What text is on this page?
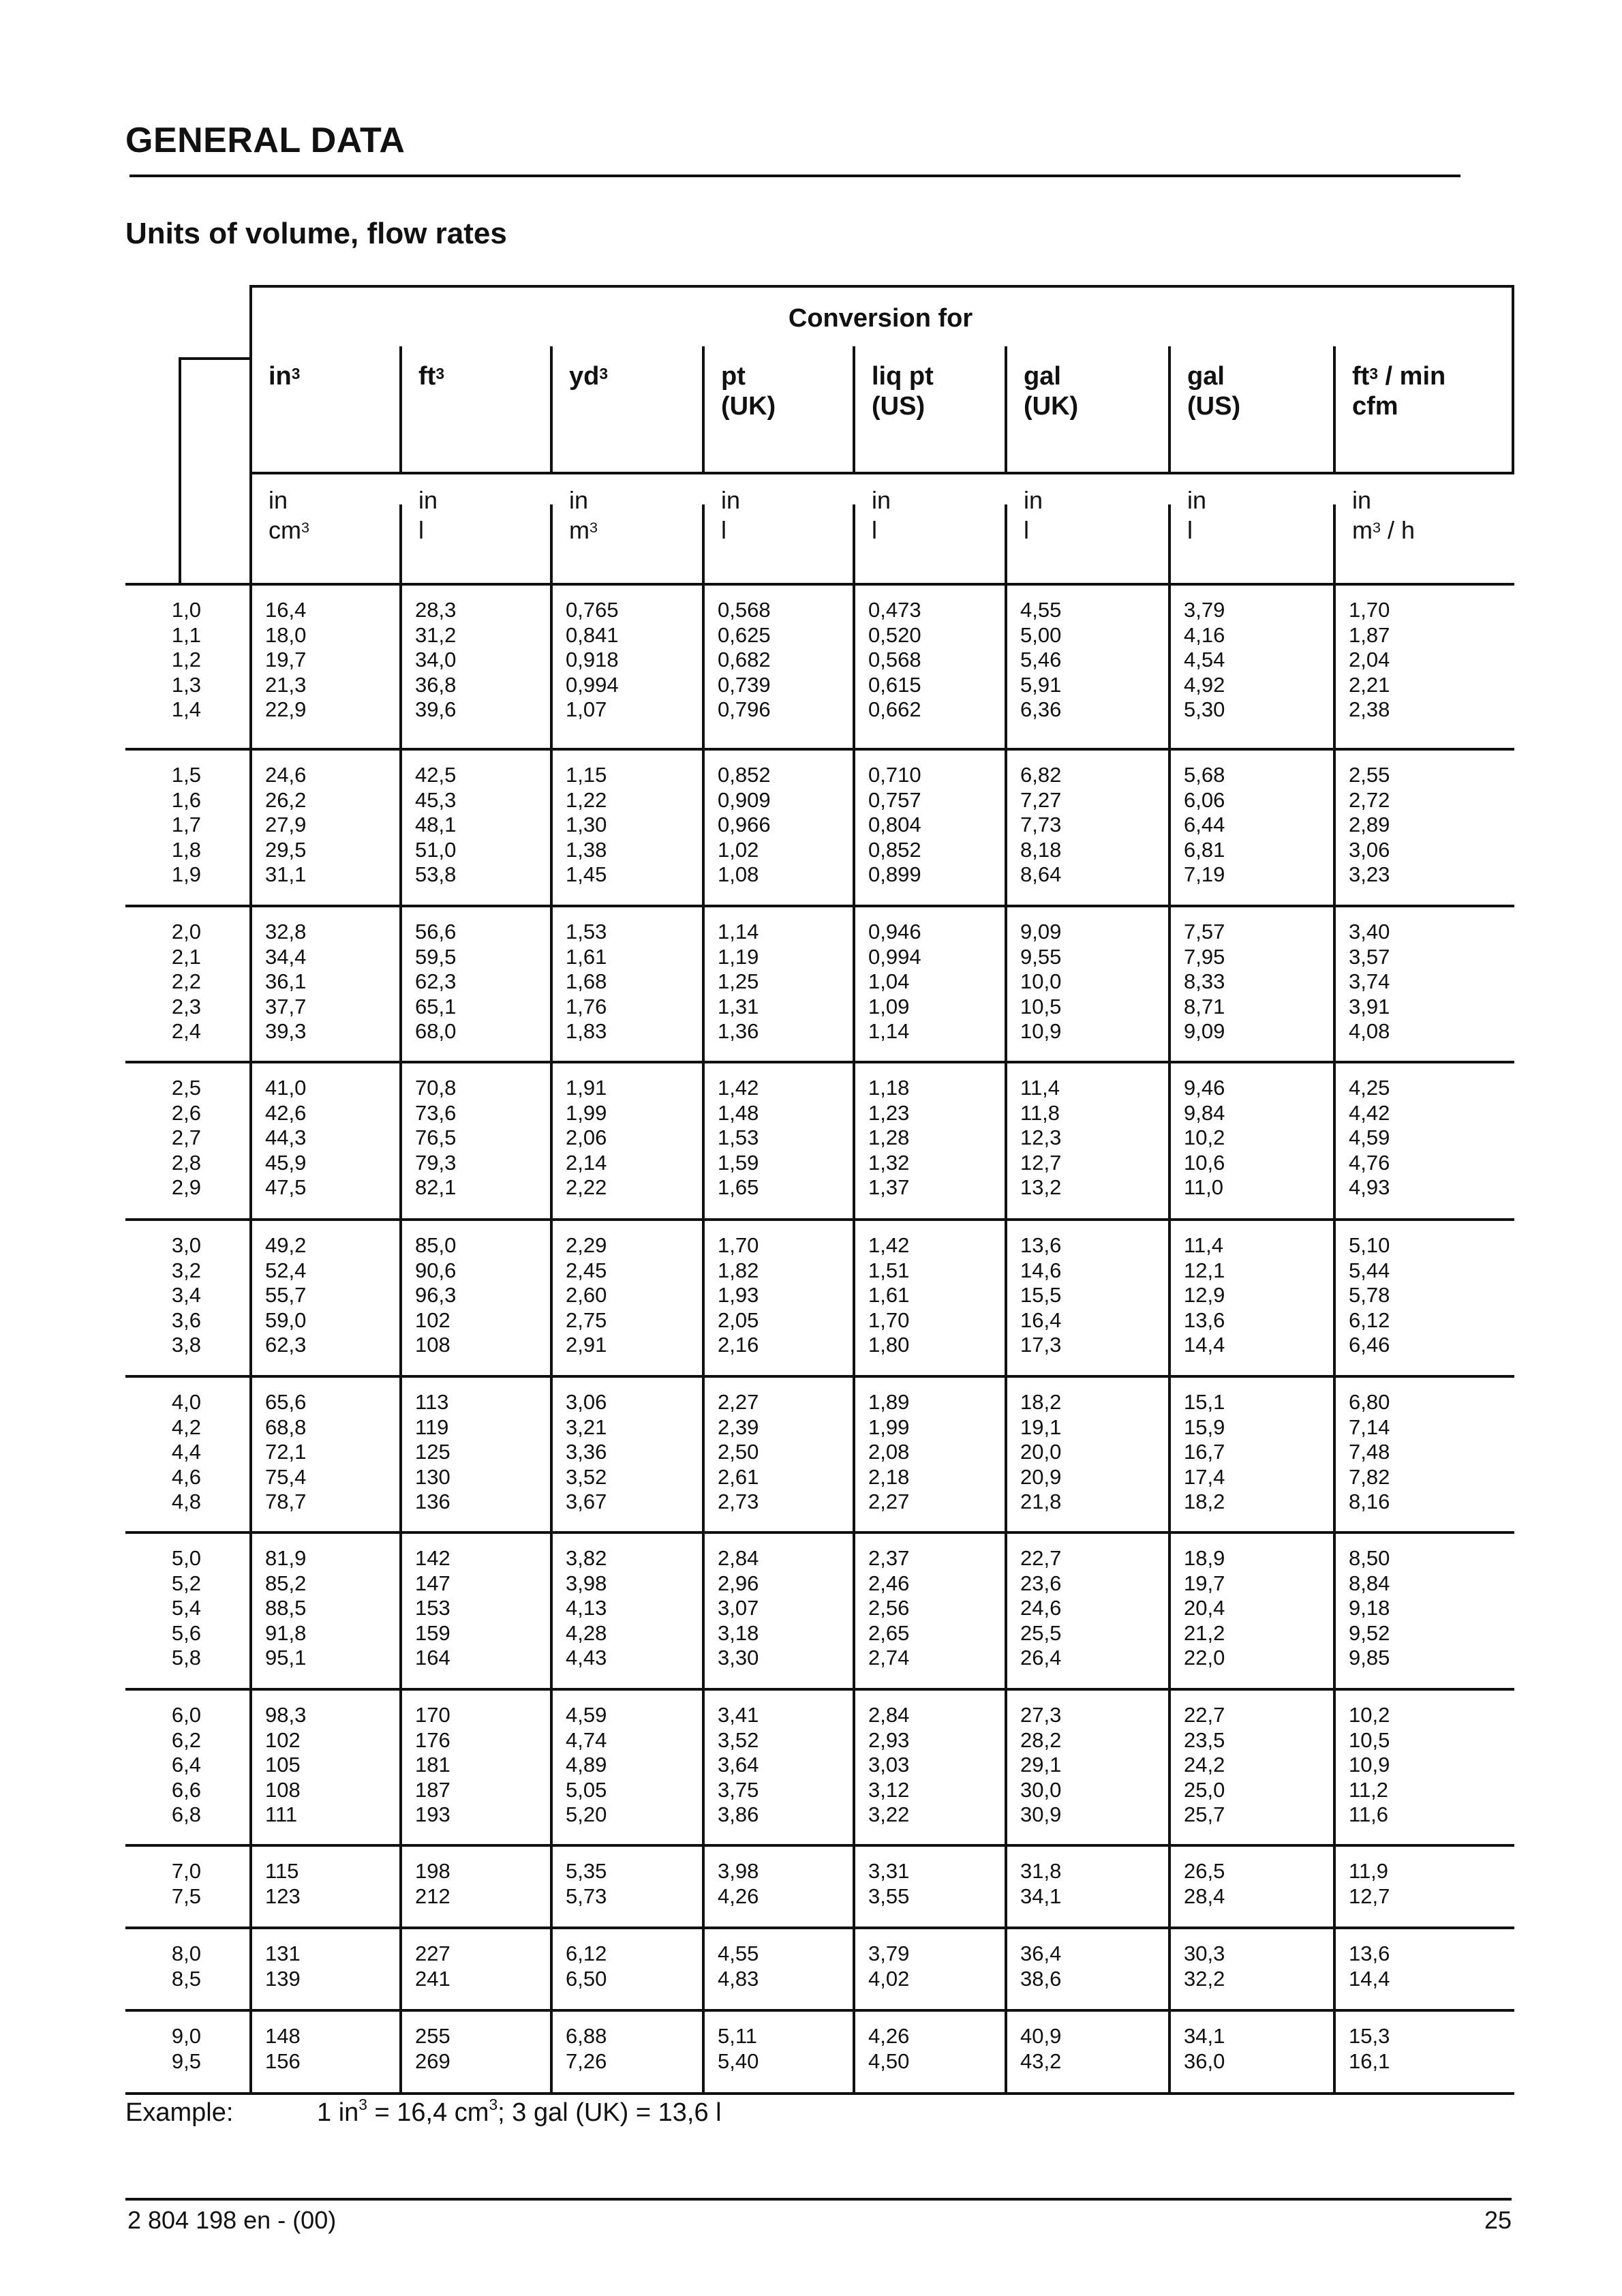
GENERAL DATA
Units of volume, flow rates
Conversion for
$in^3$

in
$cm^3$
$ft^3$

in
l
$yd^3$

in
$m^3$
pt
(UK)
in
l
liq pt
(US)
in
l
gal
(UK)
in
l
gal
(US)
in
l
$ft^3$ / min
cfm
in
$m^3$ / h
1,0
1,1
1,2
1,3
1,4
16,4
18,0
19,7
21,3
22,9
28,3
31,2
34,0
36,8
39,6
0,765
0,841
0,918
0,994
1,07
0,568
0,625
0,682
0,739
0,796
0,473
0,520
0,568
0,615
0,662
4,55
5,00
5,46
5,91
6,36
3,79
4,16
4,54
4,92
5,30
1,70
1,87
2,04
2,21
2,38
1,5
1,6
1,7
1,8
1,9
24,6
26,2
27,9
29,5
31,1
42,5
45,3
48,1
51,0
53,8
1,15
1,22
1,30
1,38
1,45
0,852
0,909
0,966
1,02
1,08
0,710
0,757
0,804
0,852
0,899
6,82
7,27
7,73
8,18
8,64
5,68
6,06
6,44
6,81
7,19
2,55
2,72
2,89
3,06
3,23
2,0
2,1
2,2
2,3
2,4
32,8
34,4
36,1
37,7
39,3
56,6
59,5
62,3
65,1
68,0
1,53
1,61
1,68
1,76
1,83
1,14
1,19
1,25
1,31
1,36
0,946
0,994
1,04
1,09
1,14
9,09
9,55
10,0
10,5
10,9
7,57
7,95
8,33
8,71
9,09
3,40
3,57
3,74
3,91
4,08
2,5
2,6
2,7
2,8
2,9
41,0
42,6
44,3
45,9
47,5
70,8
73,6
76,5
79,3
82,1
1,91
1,99
2,06
2,14
2,22
1,42
1,48
1,53
1,59
1,65
1,18
1,23
1,28
1,32
1,37
11,4
11,8
12,3
12,7
13,2
9,46
9,84
10,2
10,6
11,0
4,25
4,42
4,59
4,76
4,93
3,0
3,2
3,4
3,6
3,8
49,2
52,4
55,7
59,0
62,3
85,0
90,6
96,3
102
108
2,29
2,45
2,60
2,75
2,91
1,70
1,82
1,93
2,05
2,16
1,42
1,51
1,61
1,70
1,80
13,6
14,6
15,5
16,4
17,3
11,4
12,1
12,9
13,6
14,4
5,10
5,44
5,78
6,12
6,46
4,0
4,2
4,4
4,6
4,8
65,6
68,8
72,1
75,4
78,7
113
119
125
130
136
3,06
3,21
3,36
3,52
3,67
2,27
2,39
2,50
2,61
2,73
1,89
1,99
2,08
2,18
2,27
18,2
19,1
20,0
20,9
21,8
15,1
15,9
16,7
17,4
18,2
6,80
7,14
7,48
7,82
8,16
5,0
5,2
5,4
5,6
5,8
81,9
85,2
88,5
91,8
95,1
142
147
153
159
164
3,82
3,98
4,13
4,28
4,43
2,84
2,96
3,07
3,18
3,30
2,37
2,46
2,56
2,65
2,74
22,7
23,6
24,6
25,5
26,4
18,9
19,7
20,4
21,2
22,0
8,50
8,84
9,18
9,52
9,85
6,0
6,2
6,4
6,6
6,8
98,3
102
105
108
111
170
176
181
187
193
4,59
4,74
4,89
5,05
5,20
3,41
3,52
3,64
3,75
3,86
2,84
2,93
3,03
3,12
3,22
27,3
28,2
29,1
30,0
30,9
22,7
23,5
24,2
25,0
25,7
10,2
10,5
10,9
11,2
11,6
7,0
7,5
115
123
198
212
5,35
5,73
3,98
4,26
3,31
3,55
31,8
34,1
26,5
28,4
11,9
12,7
8,0
8,5
131
139
227
241
6,12
6,50
4,55
4,83
3,79
4,02
36,4
38,6
30,3
32,2
13,6
14,4
9,0
9,5
148
156
255
269
6,88
7,26
5,11
5,40
4,26
4,50
40,9
43,2
34,1
36,0
15,3
16,1
Example:	1 $in^3 = 16,4$ $cm^3$; 3 gal (UK) = 13,6 l
2 804 198 en - (00)	25
